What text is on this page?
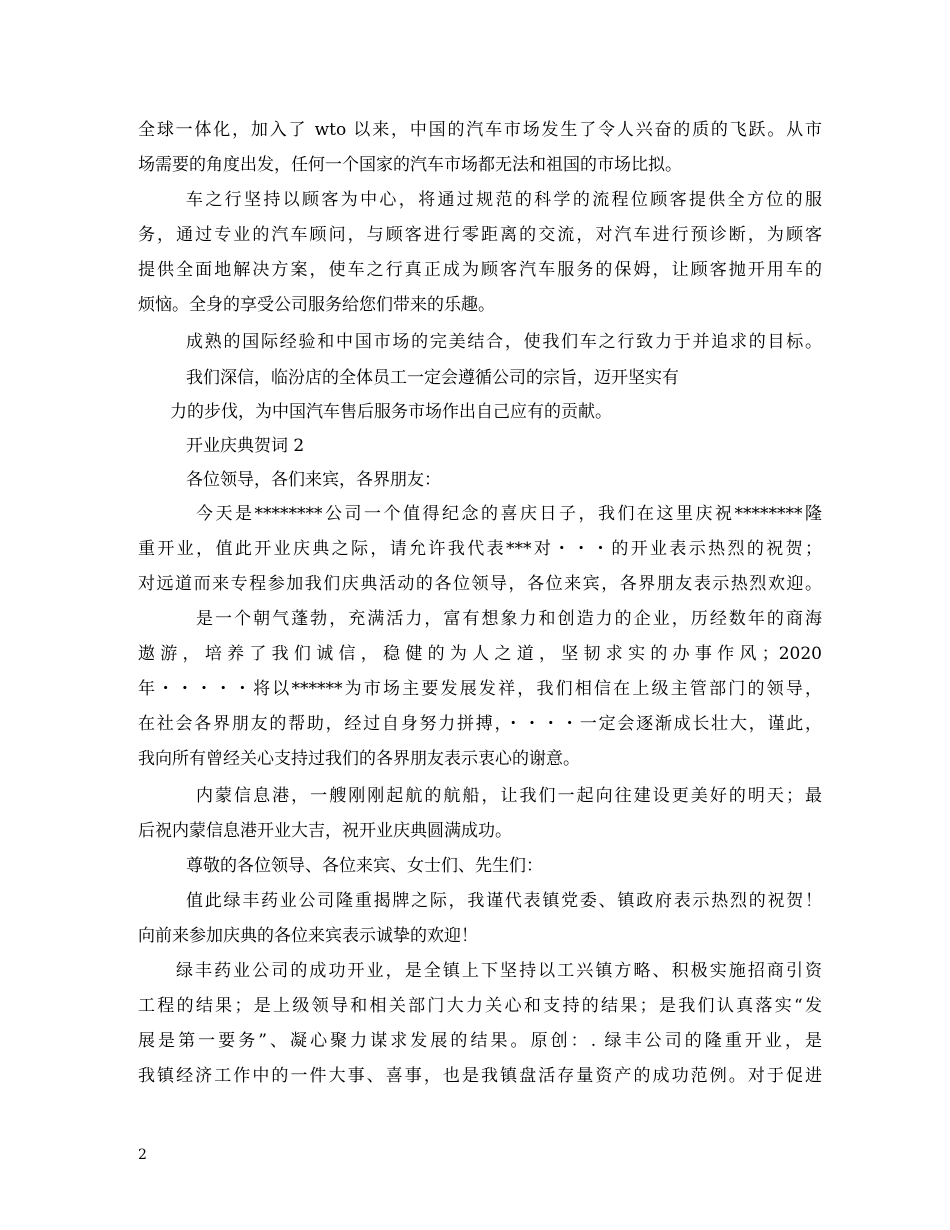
全球一体化，加入了 wto 以来，中国的汽车市场发生了令人兴奋的质的飞跃。从市
场需要的角度出发，任何一个国家的汽车市场都无法和祖国的市场比拟。
车之行坚持以顾客为中心，将通过规范的科学的流程位顾客提供全方位的服
务，通过专业的汽车顾问，与顾客进行零距离的交流，对汽车进行预诊断，为顾客
提供全面地解决方案，使车之行真正成为顾客汽车服务的保姆，让顾客抛开用车的
烦恼。全身的享受公司服务给您们带来的乐趣。
成熟的国际经验和中国市场的完美结合，使我们车之行致力于并追求的目标。
我们深信，临汾店的全体员工一定会遵循公司的宗旨，迈开坚实有
力的步伐，为中国汽车售后服务市场作出自己应有的贡献。
开业庆典贺词 2
各位领导，各们来宾，各界朋友：
今天是********公司一个值得纪念的喜庆日子，我们在这里庆祝********隆
重开业，值此开业庆典之际，请允许我代表***对・・・的开业表示热烈的祝贺；
对远道而来专程参加我们庆典活动的各位领导，各位来宾，各界朋友表示热烈欢迎。
是一个朝气蓬勃，充满活力，富有想象力和创造力的企业，历经数年的商海
遨游，培养了我们诚信，稳健的为人之道，坚韧求实的办事作风；2020
年・・・・・将以******为市场主要发展发祥，我们相信在上级主管部门的领导，
在社会各界朋友的帮助，经过自身努力拼搏，・・・・一定会逐渐成长壮大，谨此，
我向所有曾经关心支持过我们的各界朋友表示衷心的谢意。
内蒙信息港，一艘刚刚起航的航船，让我们一起向往建设更美好的明天；最
后祝内蒙信息港开业大吉，祝开业庆典圆满成功。
尊敬的各位领导、各位来宾、女士们、先生们：
值此绿丰药业公司隆重揭牌之际，我谨代表镇党委、镇政府表示热烈的祝贺！
向前来参加庆典的各位来宾表示诚挚的欢迎！
绿丰药业公司的成功开业，是全镇上下坚持以工兴镇方略、积极实施招商引资
工程的结果；是上级领导和相关部门大力关心和支持的结果；是我们认真落实“发
展是第一要务”、凝心聚力谋求发展的结果。原创：. 绿丰公司的隆重开业，是
我镇经济工作中的一件大事、喜事，也是我镇盘活存量资产的成功范例。对于促进
2
